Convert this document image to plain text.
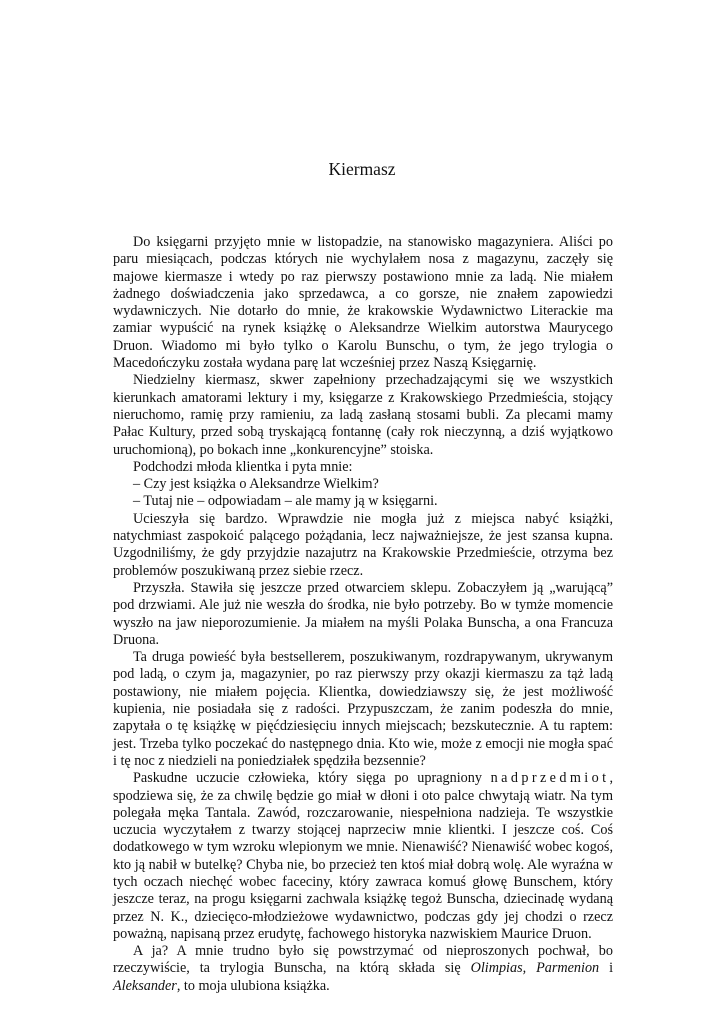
Kiermasz

Do księgarni przyjęto mnie w listopadzie, na stanowisko magazyniera. Aliści po paru miesiącach, podczas których nie wychylałem nosa z magazynu, zaczęły się majowe kiermasze i wtedy po raz pierwszy postawiono mnie za ladą. Nie miałem żadnego doświadczenia jako sprzedawca, a co gorsze, nie znałem zapowiedzi wydawniczych. Nie dotarło do mnie, że krakowskie Wydawnictwo Literackie ma zamiar wypuścić na rynek książkę o Aleksandrze Wielkim autorstwa Maurycego Druon. Wiadomo mi było tylko o Karolu Bunschu, o tym, że jego trylogia o Macedończyku została wydana parę lat wcześniej przez Naszą Księgarnię.

Niedzielny kiermasz, skwer zapełniony przechadzającymi się we wszystkich kierunkach amatorami lektury i my, księgarze z Krakowskiego Przedmieścia, stojący nieruchomo, ramię przy ramieniu, za ladą zasłaną stosami bubli. Za plecami mamy Pałac Kultury, przed sobą tryskającą fontannę (cały rok nieczynną, a dziś wyjątkowo uruchomioną), po bokach inne „konkurencyjne” stoiska.

Podchodzi młoda klientka i pyta mnie:

– Czy jest książka o Aleksandrze Wielkim?

– Tutaj nie – odpowiadam – ale mamy ją w księgarni.

Ucieszyła się bardzo. Wprawdzie nie mogła już z miejsca nabyć książki, natychmiast zaspokoić palącego pożądania, lecz najważniejsze, że jest szansa kupna. Uzgodniliśmy, że gdy przyjdzie nazajutrz na Krakowskie Przedmieście, otrzyma bez problemów poszukiwaną przez siebie rzecz.

Przyszła. Stawiła się jeszcze przed otwarciem sklepu. Zobaczyłem ją „warującą” pod drzwiami. Ale już nie weszła do środka, nie było potrzeby. Bo w tymże momencie wyszło na jaw nieporozumienie. Ja miałem na myśli Polaka Bunscha, a ona Francuza Druona.

Ta druga powieść była bestsellerem, poszukiwanym, rozdrapywanym, ukrywanym pod ladą, o czym ja, magazynier, po raz pierwszy przy okazji kiermaszu za tąż ladą postawiony, nie miałem pojęcia. Klientka, dowiedziawszy się, że jest możliwość kupienia, nie posiadała się z radości. Przypuszczam, że zanim podeszła do mnie, zapytała o tę książkę w pięćdziesięciu innych miejscach; bezskutecznie. A tu raptem: jest. Trzeba tylko poczekać do następnego dnia. Kto wie, może z emocji nie mogła spać i tę noc z niedzieli na poniedziałek spędziła bezsennie?

Paskudne uczucie człowieka, który sięga po upragniony nadprzedmiot, spodziewa się, że za chwilę będzie go miał w dłoni i oto palce chwytają wiatr. Na tym polegała męka Tantala. Zawód, rozczarowanie, niespełniona nadzieja. Te wszystkie uczucia wyczytałem z twarzy stojącej naprzeciw mnie klientki. I jeszcze coś. Coś dodatkowego w tym wzroku wlepionym we mnie. Nienawiść? Nienawiść wobec kogoś, kto ją nabił w butelkę? Chyba nie, bo przecież ten ktoś miał dobrą wolę. Ale wyraźna w tych oczach niechęć wobec faceciny, który zawraca komuś głowę Bunschem, który jeszcze teraz, na progu księgarni zachwala książkę tegoż Bunscha, dziecinadę wydaną przez N. K., dziecięco-młodzieżowe wydawnictwo, podczas gdy jej chodzi o rzecz poważną, napisaną przez erudytę, fachowego historyka nazwiskiem Maurice Druon.

A ja? A mnie trudno było się powstrzymać od nieproszonych pochwał, bo rzeczywiście, ta trylogia Bunscha, na którą składa się Olimpias, Parmenion i Aleksander, to moja ulubiona książka.
